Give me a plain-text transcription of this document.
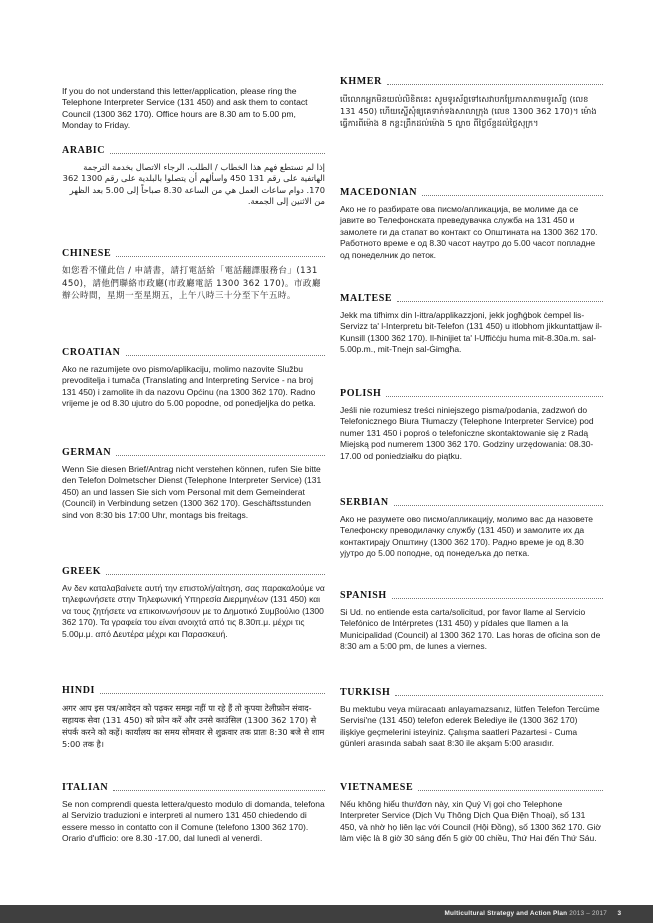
If you do not understand this letter/application, please ring the Telephone Interpreter Service (131 450) and ask them to contact Council (1300 362 170). Office hours are 8.30 am to 5.00 pm, Monday to Friday.
ARABIC
إذا لم تستطع فهم هذا الخطاب / الطلب، الرجاء الاتصال بخدمة الترجمة الهاتفية على رقم 131 450 واسألهم أن يتصلوا بالبلدية على رقم 1300 362 170. دوام ساعات العمل هي من الساعة 8.30 صباحاً إلى 5.00 بعد الظهر من الاثنين إلى الجمعة.
CHINESE
如您看不懂此信 / 申請書，請打電話給「電話翻譯服務台」(131 450)，請他們聯絡市政廳(市政廳電話 1300 362 170)。市政廳辦公時間，星期一至星期五，上午八時三十分至下午五時。
CROATIAN
Ako ne razumijete ovo pismo/aplikaciju, molimo nazovite Službu prevoditelja i tumača (Translating and Interpreting Service - na broj 131 450) i zamolite ih da nazovu Općinu (na 1300 362 170). Radno vrijeme je od 8.30 ujutro do 5.00 popodne, od ponedjeljka do petka.
GERMAN
Wenn Sie diesen Brief/Antrag nicht verstehen können, rufen Sie bitte den Telefon Dolmetscher Dienst (Telephone Interpreter Service) (131 450) an und lassen Sie sich vom Personal mit dem Gemeinderat (Council) in Verbindung setzen (1300 362 170). Geschäftsstunden sind von 8:30 bis 17:00 Uhr, montags bis freitags.
GREEK
Αν δεν καταλαβαίνετε αυτή την επιστολή/αίτηση, σας παρακαλούμε να τηλεφωνήσετε στην Τηλεφωνική Υπηρεσία Διερμηνέων (131 450) και να τους ζητήσετε να επικοινωνήσουν με το Δημοτικό Συμβούλιο (1300 362 170). Τα γραφεία του είναι ανοιχτά από τις 8.30π.μ. μέχρι τις 5.00μ.μ. από Δευτέρα μέχρι και Παρασκευή.
HINDI
अगर आप इस पत्र/आवेदन को पढ़कर समझ नहीं पा रहे हैं तो कृपया टेलीफ़ोन संवाद-सहायक सेवा (131 450) को फ़ोन करें और उनसे काउंसिल (1300 362 170) से संपर्क करने को कहें। कार्यालय का समय सोमवार से शुक्रवार तक प्रातः 8:30 बजे से शाम 5:00 तक है।
ITALIAN
Se non comprendi questa lettera/questo modulo di domanda, telefona al Servizio traduzioni e interpreti al numero 131 450 chiedendo di essere messo in contatto con il Comune (telefono 1300 362 170). Orario d'ufficio: ore 8.30 -17.00, dal lunedì al venerdì.
KHMER
បើលោកអ្នកមិនយល់លិខិតនេះ សូមទូរស័ព្ទទៅសេវាបកប្រែភាសាតាមទូរស័ព្ទ (លេខ 131 450) ហើយស្នើសុំឲ្យគេទាក់ទងសាលាក្រុង (លេខ 1300 362 170)។ ម៉ោងធ្វើការពីម៉ោង 8 កន្លះព្រឹកដល់ម៉ោង 5 ល្ងាច ពីថ្ងៃច័ន្ទដល់ថ្ងៃសុក្រ។
MACEDONIAN
Ако не го разбирате ова писмо/апликација, ве молиме да се јавите во Телефонската преведувачка служба на 131 450 и замолете ги да стапат во контакт со Општината на 1300 362 170. Работното време е од 8.30 часот наутро до 5.00 часот попладне од понеделник до петок.
MALTESE
Jekk ma tifhimx din l-ittra/applikazzjoni, jekk jogħġbok ċempel lis-Servizz ta' l-Interpretu bit-Telefon (131 450) u itlobhom jikkuntattjaw il-Kunsill (1300 362 170). Il-ħinijiet ta' l-Uffiċċju huma mit-8.30a.m. sal-5.00p.m., mit-Tnejn sal-Ġimgħa.
POLISH
Jeśli nie rozumiesz treści niniejszego pisma/podania, zadzwoń do Telefonicznego Biura Tłumaczy (Telephone Interpreter Service) pod numer 131 450 i poproś o telefoniczne skontaktowanie się z Radą Miejską pod numerem 1300 362 170. Godziny urzędowania: 08.30-17.00 od poniedziałku do piątku.
SERBIAN
Ако не разумете ово писмо/апликацију, молимо вас да назовете Телефонску преводилачку службу (131 450) и замолите их да контактирају Општину (1300 362 170). Радно време је од 8.30 ујутро до 5.00 поподне, од понедељка до петка.
SPANISH
Si Ud. no entiende esta carta/solicitud, por favor llame al Servicio Telefónico de Intérpretes (131 450) y pídales que llamen a la Municipalidad (Council) al 1300 362 170. Las horas de oficina son de 8:30 am a 5:00 pm, de lunes a viernes.
TURKISH
Bu mektubu veya müracaatı anlayamazsanız, lütfen Telefon Tercüme Servisi'ne (131 450) telefon ederek Belediye ile (1300 362 170) ilişkiye geçmelerini isteyiniz. Çalışma saatleri Pazartesi - Cuma günleri arasında sabah saat 8:30 ile akşam 5:00 arasıdır.
VIETNAMESE
Nếu không hiểu thư/đơn này, xin Quý Vị gọi cho Telephone Interpreter Service (Dịch Vụ Thông Dịch Qua Điện Thoại), số 131 450, và nhờ họ liên lạc với Council (Hội Đồng), số 1300 362 170. Giờ làm việc là 8 giờ 30 sáng đến 5 giờ 00 chiều, Thứ Hai đến Thứ Sáu.
Multicultural Strategy and Action Plan 2013 – 2017 3
